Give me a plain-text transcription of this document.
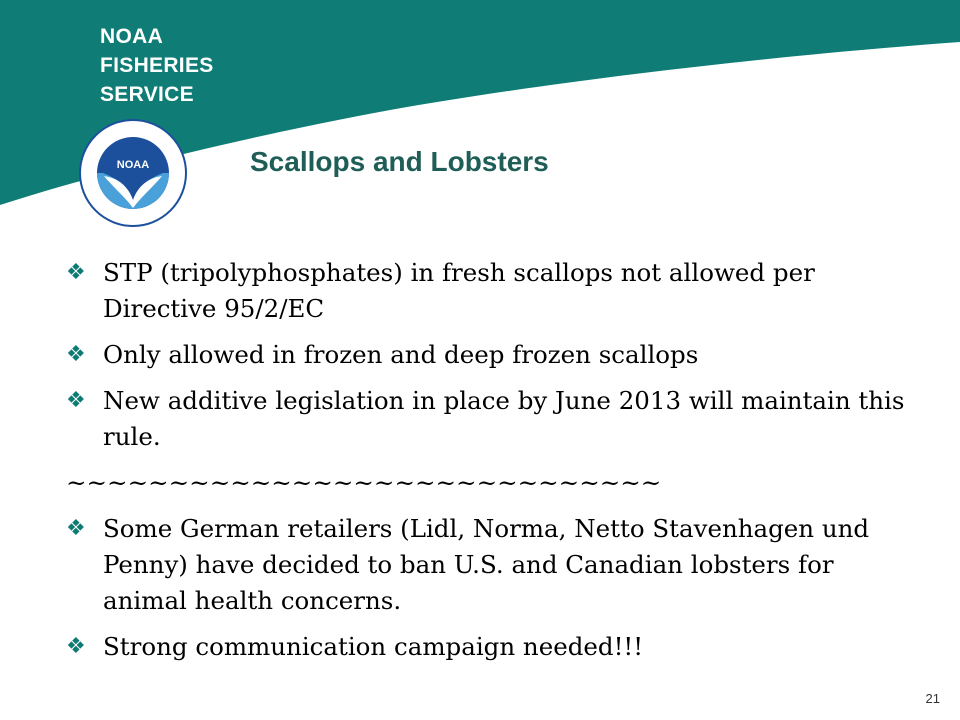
NOAA
FISHERIES
SERVICE
NOAA	Scallops and Lobsters

❖ STP (tripolyphosphates) in fresh scallops not allowed per Directive 95/2/EC

❖ Only allowed in frozen and deep frozen scallops

❖ New additive legislation in place by June 2013 will maintain this rule.

~~~~~~~~~~~~~~~~~~~~~~~~~~~~~

❖ Some German retailers (Lidl, Norma, Netto Stavenhagen und Penny) have decided to ban U.S. and Canadian lobsters for animal health concerns.

❖ Strong communication campaign needed!!!

21
